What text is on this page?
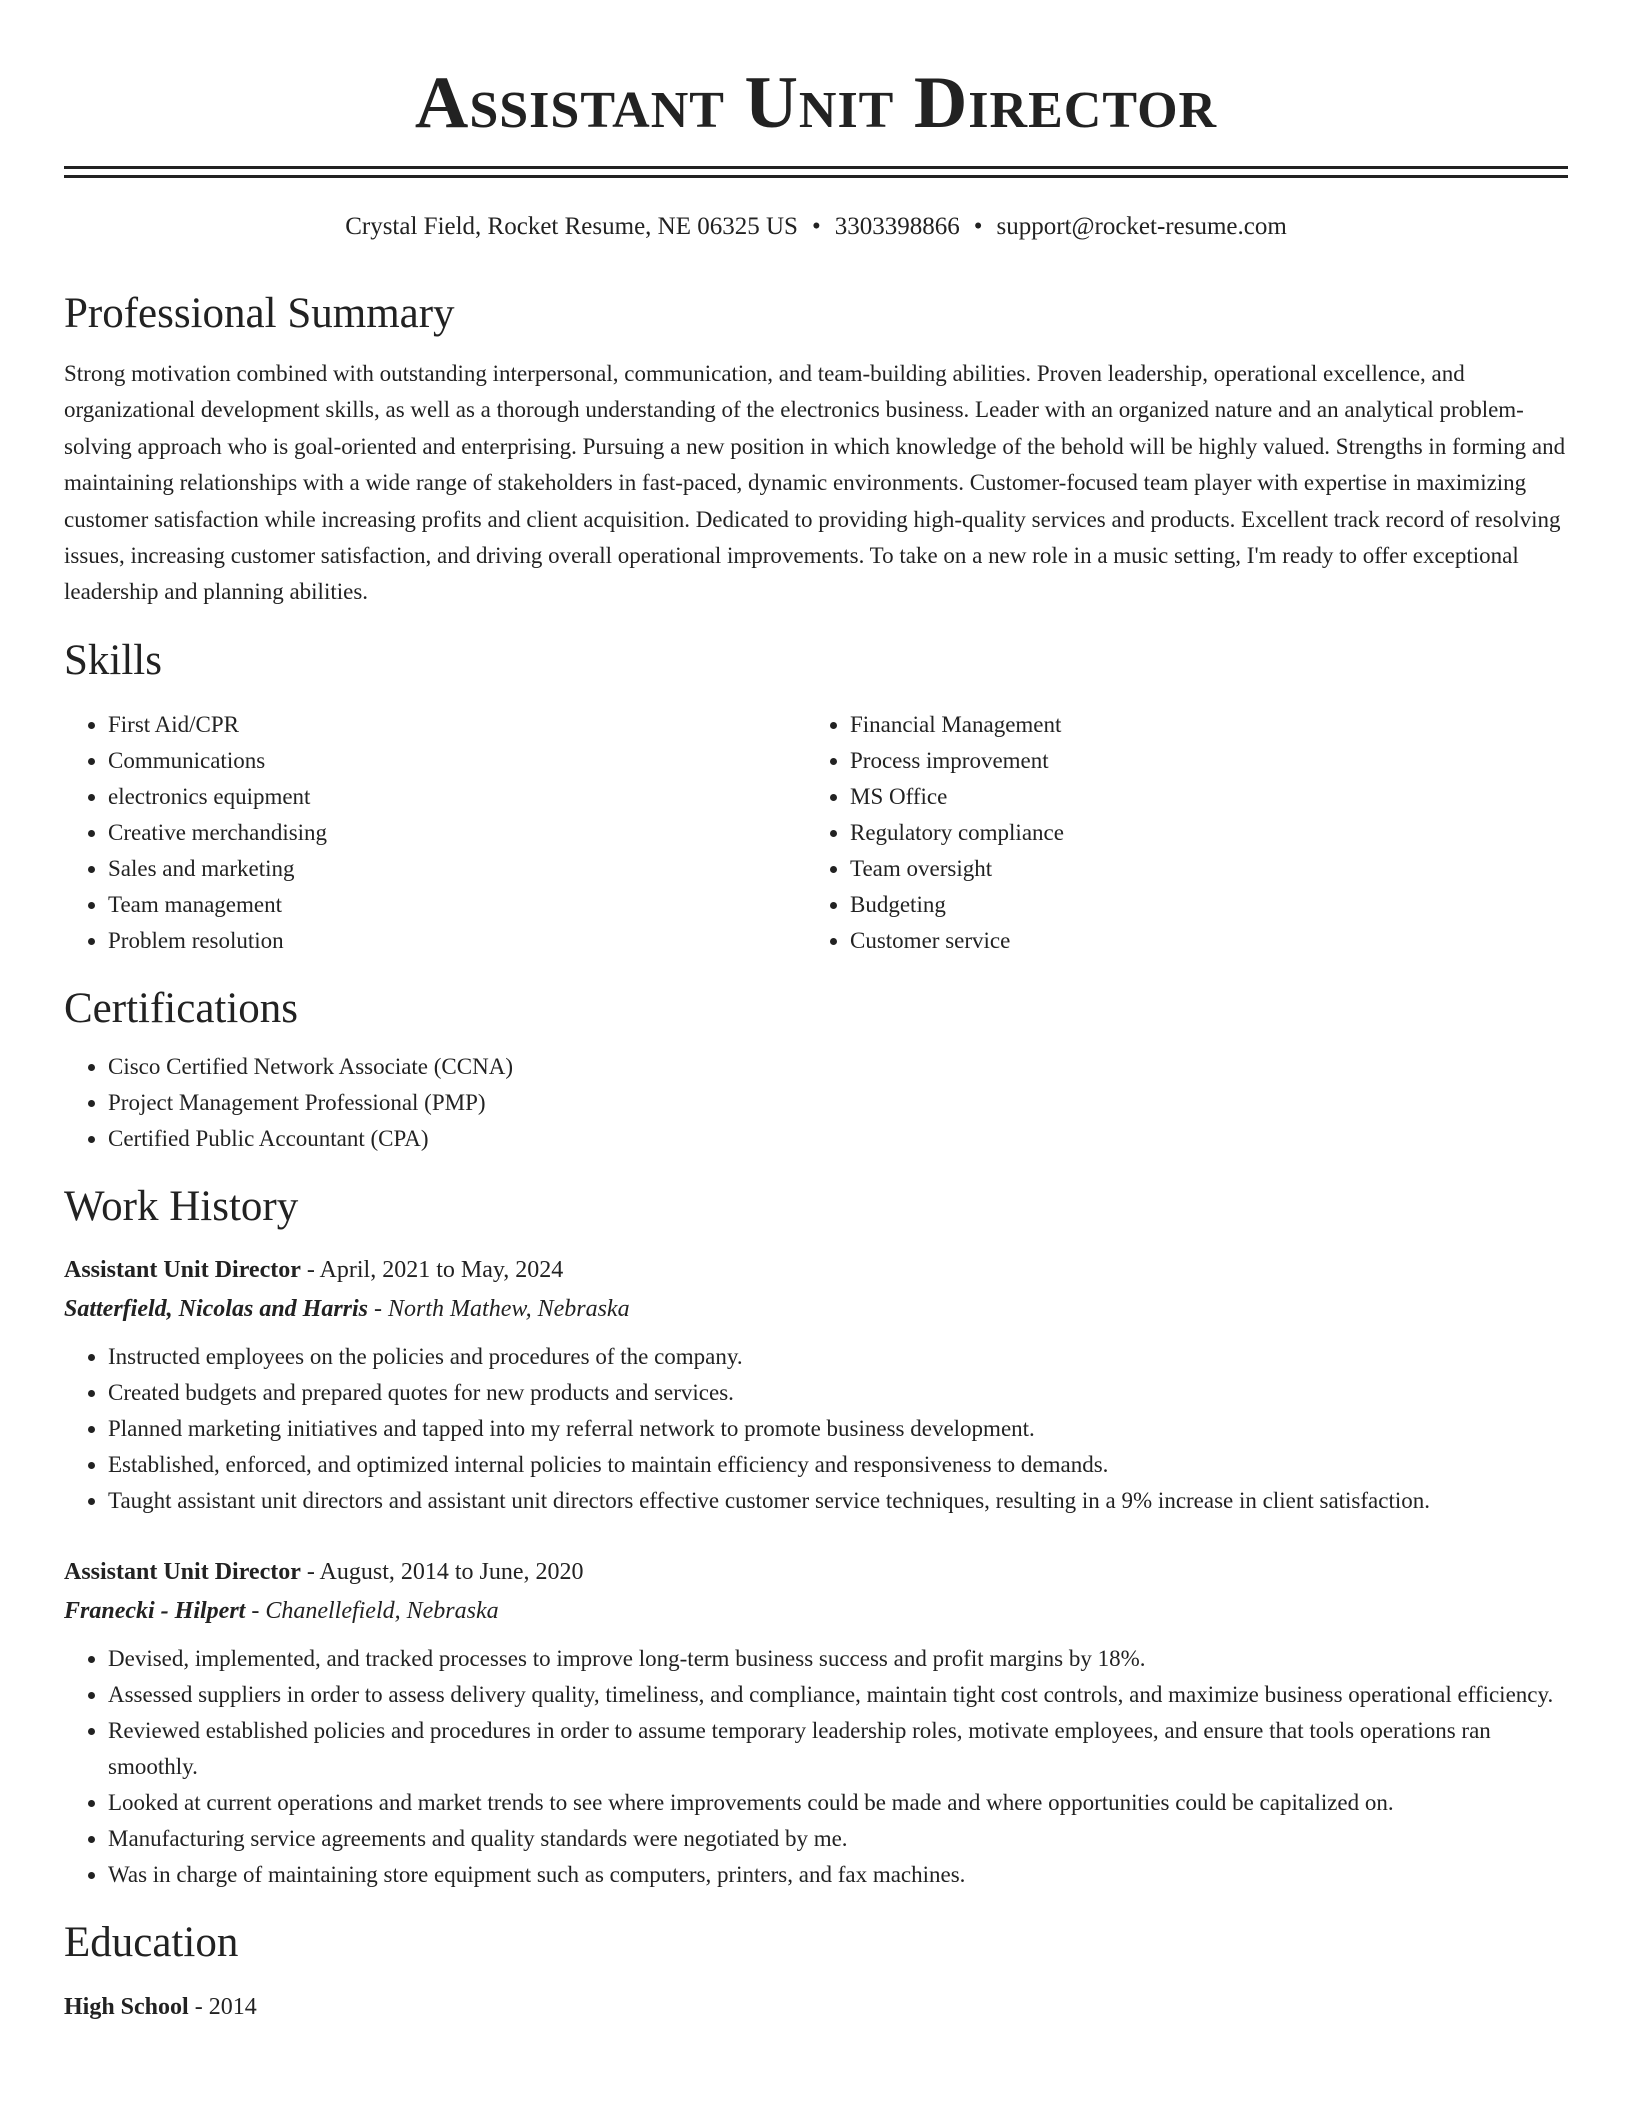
Assistant Unit Director
Crystal Field, Rocket Resume, NE 06325 US • 3303398866 • support@rocket-resume.com
Professional Summary

Strong motivation combined with outstanding interpersonal, communication, and team-building abilities. Proven leadership, operational excellence, and organizational development skills, as well as a thorough understanding of the electronics business. Leader with an organized nature and an analytical problem-solving approach who is goal-oriented and enterprising. Pursuing a new position in which knowledge of the behold will be highly valued. Strengths in forming and maintaining relationships with a wide range of stakeholders in fast-paced, dynamic environments. Customer-focused team player with expertise in maximizing customer satisfaction while increasing profits and client acquisition. Dedicated to providing high-quality services and products. Excellent track record of resolving issues, increasing customer satisfaction, and driving overall operational improvements. To take on a new role in a music setting, I'm ready to offer exceptional leadership and planning abilities.

Skills
• First Aid/CPR
• Communications
• electronics equipment
• Creative merchandising
• Sales and marketing
• Team management
• Problem resolution
• Financial Management
• Process improvement
• MS Office
• Regulatory compliance
• Team oversight
• Budgeting
• Customer service
Certifications
• Cisco Certified Network Associate (CCNA)
• Project Management Professional (PMP)
• Certified Public Accountant (CPA)
Work History
Assistant Unit Director - April, 2021 to May, 2024
Satterfield, Nicolas and Harris - North Mathew, Nebraska
• Instructed employees on the policies and procedures of the company.
• Created budgets and prepared quotes for new products and services.
• Planned marketing initiatives and tapped into my referral network to promote business development.
• Established, enforced, and optimized internal policies to maintain efficiency and responsiveness to demands.
• Taught assistant unit directors and assistant unit directors effective customer service techniques, resulting in a 9% increase in client satisfaction.
Assistant Unit Director - August, 2014 to June, 2020
Franecki - Hilpert - Chanellefield, Nebraska
• Devised, implemented, and tracked processes to improve long-term business success and profit margins by 18%.
• Assessed suppliers in order to assess delivery quality, timeliness, and compliance, maintain tight cost controls, and maximize business operational efficiency.
• Reviewed established policies and procedures in order to assume temporary leadership roles, motivate employees, and ensure that tools operations ran smoothly.
• Looked at current operations and market trends to see where improvements could be made and where opportunities could be capitalized on.
• Manufacturing service agreements and quality standards were negotiated by me.
• Was in charge of maintaining store equipment such as computers, printers, and fax machines.
Education
High School - 2014
